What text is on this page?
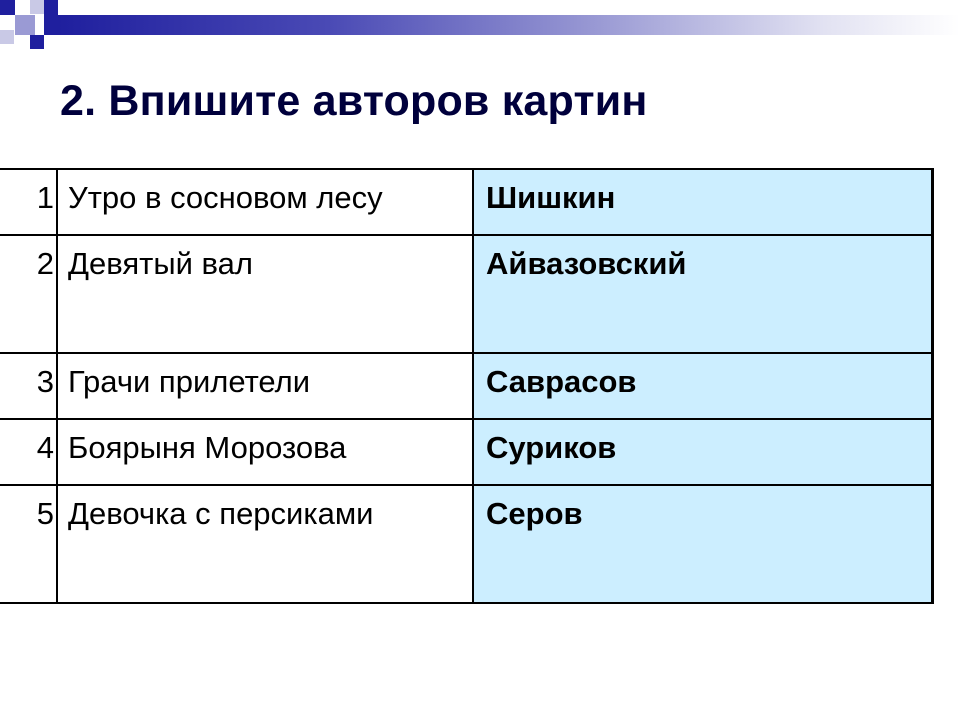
2. Впишите авторов картин
1	Утро в сосновом лесу	Шишкин
2	Девятый вал	Айвазовский
3	Грачи прилетели	Саврасов
4	Боярыня Морозова	Суриков
5	Девочка с персиками	Серов
